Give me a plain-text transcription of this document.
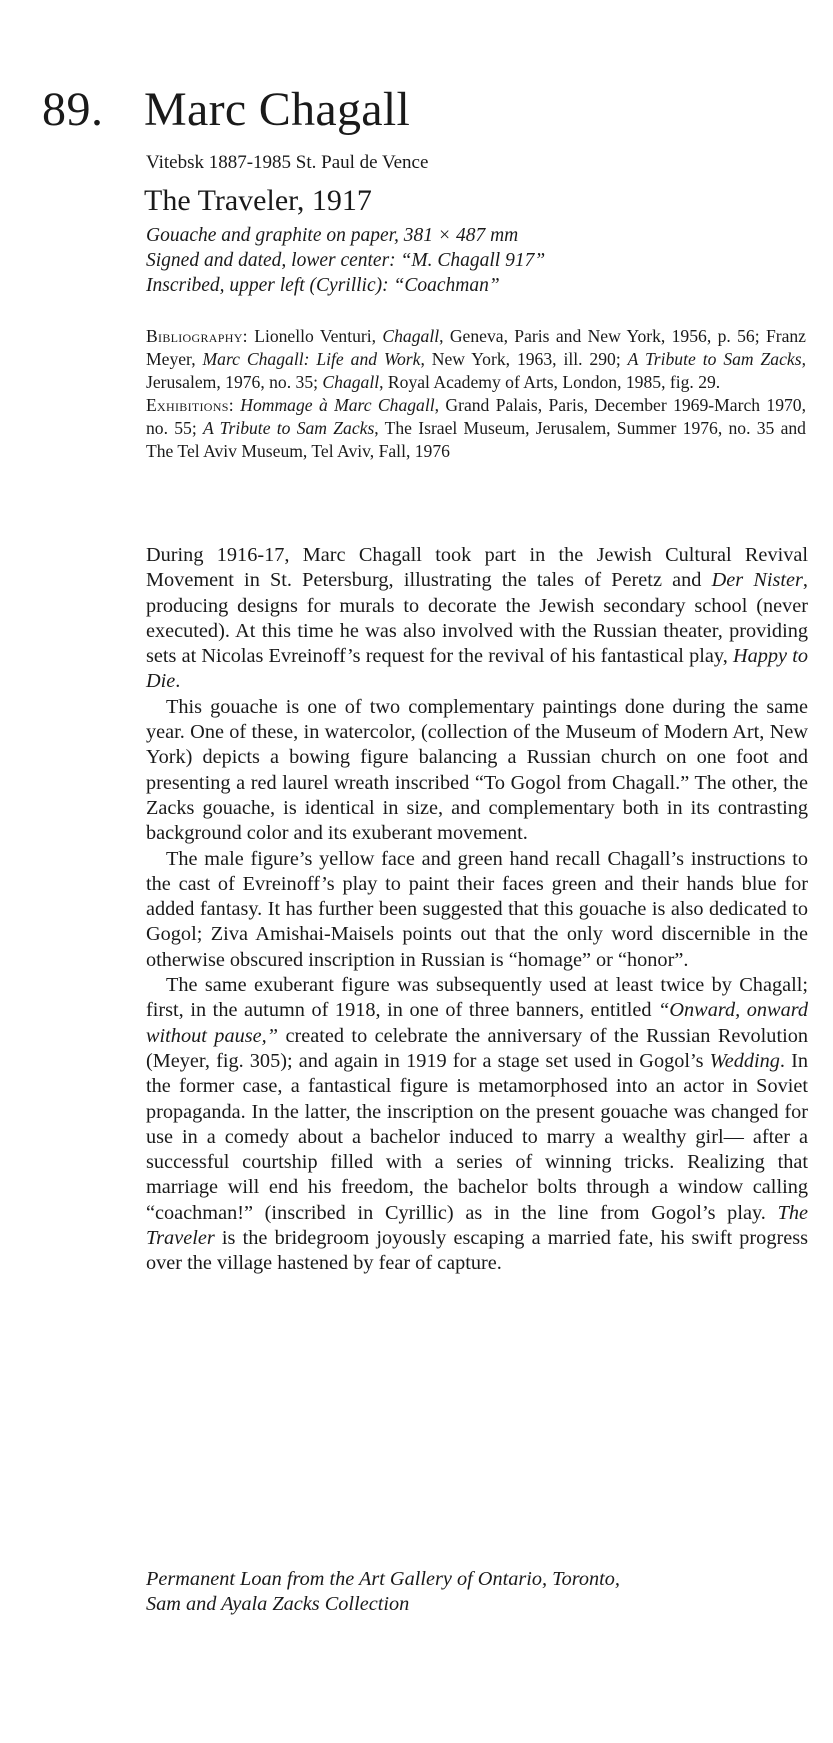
89. Marc Chagall
Vitebsk 1887-1985 St. Paul de Vence
The Traveler, 1917
Gouache and graphite on paper, 381 × 487 mm
Signed and dated, lower center: “M. Chagall 917”
Inscribed, upper left (Cyrillic): “Coachman”

Bibliography: Lionello Venturi, Chagall, Geneva, Paris and New York, 1956, p. 56; Franz Meyer, Marc Chagall: Life and Work, New York, 1963, ill. 290; A Tribute to Sam Zacks, Jerusalem, 1976, no. 35; Chagall, Royal Academy of Arts, London, 1985, fig. 29.

Exhibitions: Hommage à Marc Chagall, Grand Palais, Paris, December 1969-March 1970, no. 55; A Tribute to Sam Zacks, The Israel Museum, Jerusalem, Summer 1976, no. 35 and The Tel Aviv Museum, Tel Aviv, Fall, 1976

During 1916-17, Marc Chagall took part in the Jewish Cultural Revival Movement in St. Petersburg, illustrating the tales of Peretz and Der Nister, producing designs for murals to decorate the Jewish secondary school (never executed). At this time he was also involved with the Russian theater, providing sets at Nicolas Evreinoff’s request for the revival of his fantastical play, Happy to Die.

This gouache is one of two complementary paintings done during the same year. One of these, in watercolor, (collection of the Museum of Modern Art, New York) depicts a bowing figure balancing a Russian church on one foot and presenting a red laurel wreath inscribed “To Gogol from Chagall.” The other, the Zacks gouache, is identical in size, and complementary both in its contrasting background color and its exuberant movement.

The male figure’s yellow face and green hand recall Chagall’s instructions to the cast of Evreinoff’s play to paint their faces green and their hands blue for added fantasy. It has further been suggested that this gouache is also dedicated to Gogol; Ziva Amishai-Maisels points out that the only word discernible in the otherwise obscured inscription in Russian is “homage” or “honor”.

The same exuberant figure was subsequently used at least twice by Chagall; first, in the autumn of 1918, in one of three banners, entitled “Onward, onward without pause,” created to celebrate the anniversary of the Russian Revolution (Meyer, fig. 305); and again in 1919 for a stage set used in Gogol’s Wedding. In the former case, a fantastical figure is metamorphosed into an actor in Soviet propaganda. In the latter, the inscription on the present gouache was changed for use in a comedy about a bachelor induced to marry a wealthy girl— after a successful courtship filled with a series of winning tricks. Realizing that marriage will end his freedom, the bachelor bolts through a window calling “coachman!” (inscribed in Cyrillic) as in the line from Gogol’s play. The Traveler is the bridegroom joyously escaping a married fate, his swift progress over the village hastened by fear of capture.

Permanent Loan from the Art Gallery of Ontario, Toronto,
Sam and Ayala Zacks Collection
